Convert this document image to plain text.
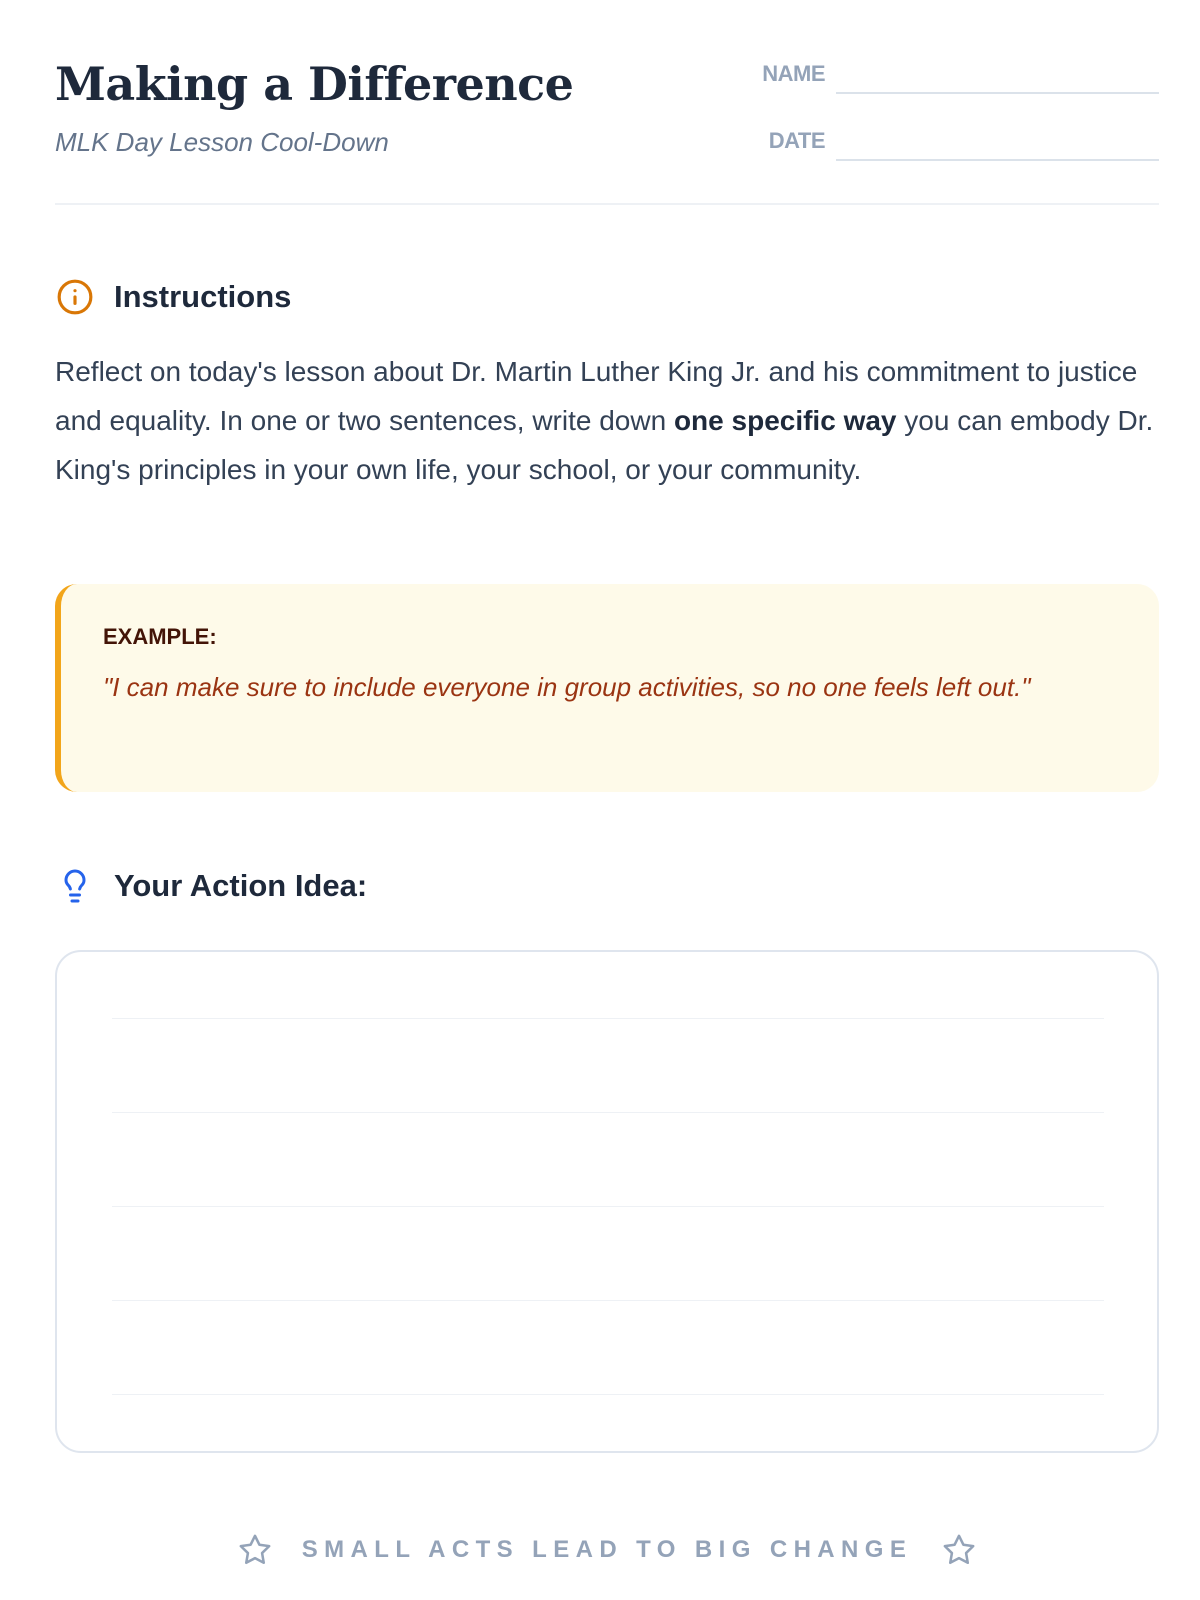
Making a Difference
MLK Day Lesson Cool-Down
NAME
DATE
Instructions

Reflect on today's lesson about Dr. Martin Luther King Jr. and his commitment to justice and equality. In one or two sentences, write down one specific way you can embody Dr. King's principles in your own life, your school, or your community.

EXAMPLE:
"I can make sure to include everyone in group activities, so no one feels left out."
Your Action Idea:
SMALL ACTS LEAD TO BIG CHANGE
